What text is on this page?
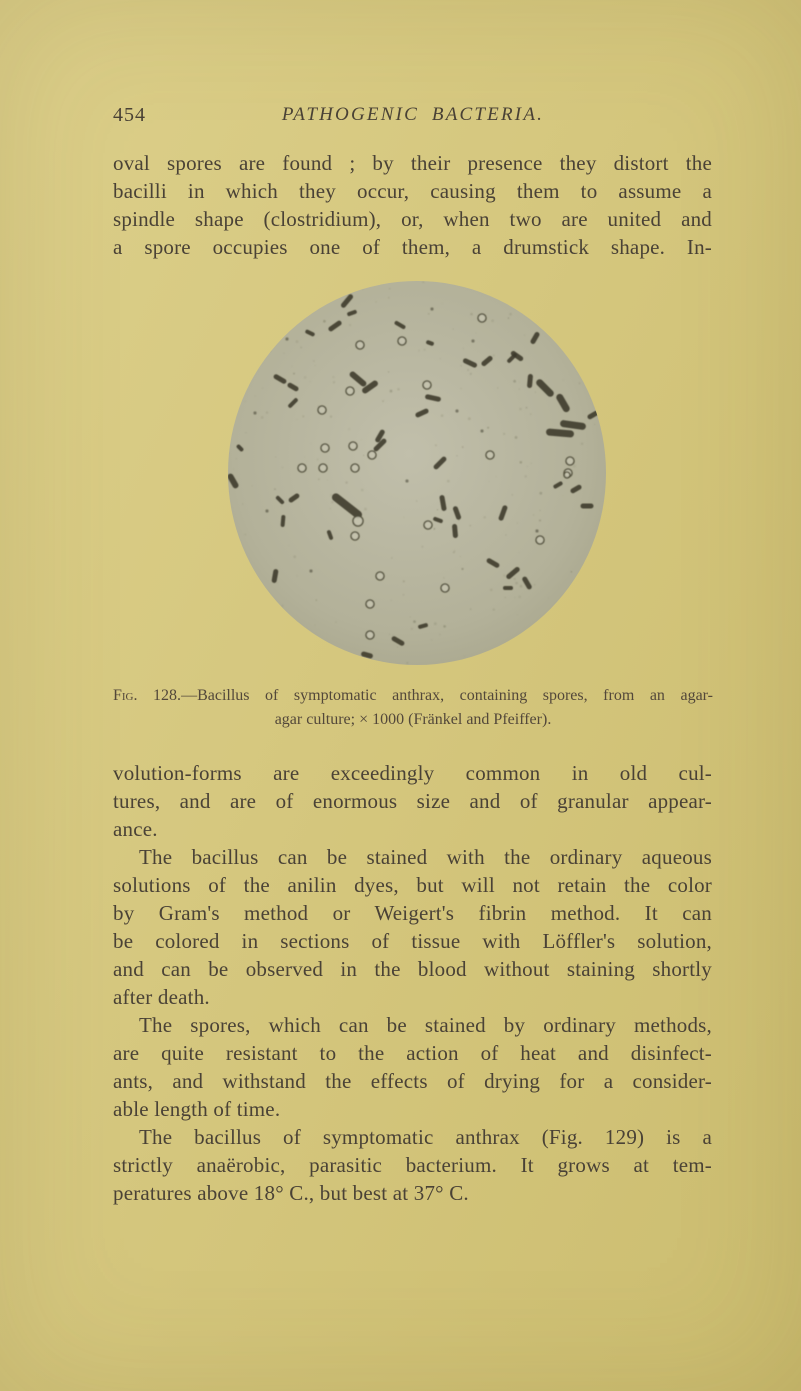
454	PATHOGENIC BACTERIA.
oval spores are found ; by their presence they distort the
bacilli in which they occur, causing them to assume a
spindle shape (clostridium), or, when two are united and
a spore occupies one of them, a drumstick shape. In-
Fig. 128.—Bacillus of symptomatic anthrax, containing spores, from an agar-
agar culture; × 1000 (Fränkel and Pfeiffer).
volution-forms are exceedingly common in old cul-
tures, and are of enormous size and of granular appear-
ance.
The bacillus can be stained with the ordinary aqueous
solutions of the anilin dyes, but will not retain the color
by Gram's method or Weigert's fibrin method. It can
be colored in sections of tissue with Löffler's solution,
and can be observed in the blood without staining shortly
after death.
The spores, which can be stained by ordinary methods,
are quite resistant to the action of heat and disinfect-
ants, and withstand the effects of drying for a consider-
able length of time.
The bacillus of symptomatic anthrax (Fig. 129) is a
strictly anaërobic, parasitic bacterium. It grows at tem-
peratures above 18° C., but best at 37° C.
